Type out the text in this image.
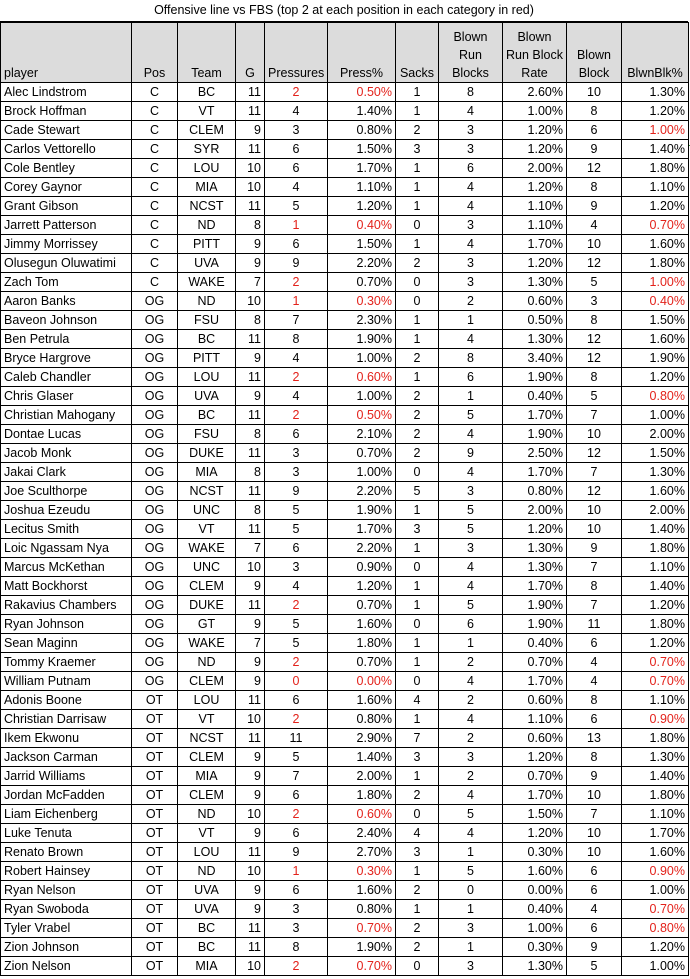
Offensive line vs FBS (top 2 at each position in each category in red)
player	Pos	Team	G	Pressures	Press%	Sacks	Blown Run Blocks	Blown Run Block Rate	Blown Block	BlwnBlk%
Alec Lindstrom	C	BC	11	2	0.50%	1	8	2.60%	10	1.30%
Brock Hoffman	C	VT	11	4	1.40%	1	4	1.00%	8	1.20%
Cade Stewart	C	CLEM	9	3	0.80%	2	3	1.20%	6	1.00%
Carlos Vettorello	C	SYR	11	6	1.50%	3	3	1.20%	9	1.40%
Cole Bentley	C	LOU	10	6	1.70%	1	6	2.00%	12	1.80%
Corey Gaynor	C	MIA	10	4	1.10%	1	4	1.20%	8	1.10%
Grant Gibson	C	NCST	11	5	1.20%	1	4	1.10%	9	1.20%
Jarrett Patterson	C	ND	8	1	0.40%	0	3	1.10%	4	0.70%
Jimmy Morrissey	C	PITT	9	6	1.50%	1	4	1.70%	10	1.60%
Olusegun Oluwatimi	C	UVA	9	9	2.20%	2	3	1.20%	12	1.80%
Zach Tom	C	WAKE	7	2	0.70%	0	3	1.30%	5	1.00%
Aaron Banks	OG	ND	10	1	0.30%	0	2	0.60%	3	0.40%
Baveon Johnson	OG	FSU	8	7	2.30%	1	1	0.50%	8	1.50%
Ben Petrula	OG	BC	11	8	1.90%	1	4	1.30%	12	1.60%
Bryce Hargrove	OG	PITT	9	4	1.00%	2	8	3.40%	12	1.90%
Caleb Chandler	OG	LOU	11	2	0.60%	1	6	1.90%	8	1.20%
Chris Glaser	OG	UVA	9	4	1.00%	2	1	0.40%	5	0.80%
Christian Mahogany	OG	BC	11	2	0.50%	2	5	1.70%	7	1.00%
Dontae Lucas	OG	FSU	8	6	2.10%	2	4	1.90%	10	2.00%
Jacob Monk	OG	DUKE	11	3	0.70%	2	9	2.50%	12	1.50%
Jakai Clark	OG	MIA	8	3	1.00%	0	4	1.70%	7	1.30%
Joe Sculthorpe	OG	NCST	11	9	2.20%	5	3	0.80%	12	1.60%
Joshua Ezeudu	OG	UNC	8	5	1.90%	1	5	2.00%	10	2.00%
Lecitus Smith	OG	VT	11	5	1.70%	3	5	1.20%	10	1.40%
Loic Ngassam Nya	OG	WAKE	7	6	2.20%	1	3	1.30%	9	1.80%
Marcus McKethan	OG	UNC	10	3	0.90%	0	4	1.30%	7	1.10%
Matt Bockhorst	OG	CLEM	9	4	1.20%	1	4	1.70%	8	1.40%
Rakavius Chambers	OG	DUKE	11	2	0.70%	1	5	1.90%	7	1.20%
Ryan Johnson	OG	GT	9	5	1.60%	0	6	1.90%	11	1.80%
Sean Maginn	OG	WAKE	7	5	1.80%	1	1	0.40%	6	1.20%
Tommy Kraemer	OG	ND	9	2	0.70%	1	2	0.70%	4	0.70%
William Putnam	OG	CLEM	9	0	0.00%	0	4	1.70%	4	0.70%
Adonis Boone	OT	LOU	11	6	1.60%	4	2	0.60%	8	1.10%
Christian Darrisaw	OT	VT	10	2	0.80%	1	4	1.10%	6	0.90%
Ikem Ekwonu	OT	NCST	11	11	2.90%	7	2	0.60%	13	1.80%
Jackson Carman	OT	CLEM	9	5	1.40%	3	3	1.20%	8	1.30%
Jarrid Williams	OT	MIA	9	7	2.00%	1	2	0.70%	9	1.40%
Jordan McFadden	OT	CLEM	9	6	1.80%	2	4	1.70%	10	1.80%
Liam Eichenberg	OT	ND	10	2	0.60%	0	5	1.50%	7	1.10%
Luke Tenuta	OT	VT	9	6	2.40%	4	4	1.20%	10	1.70%
Renato Brown	OT	LOU	11	9	2.70%	3	1	0.30%	10	1.60%
Robert Hainsey	OT	ND	10	1	0.30%	1	5	1.60%	6	0.90%
Ryan Nelson	OT	UVA	9	6	1.60%	2	0	0.00%	6	1.00%
Ryan Swoboda	OT	UVA	9	3	0.80%	1	1	0.40%	4	0.70%
Tyler Vrabel	OT	BC	11	3	0.70%	2	3	1.00%	6	0.80%
Zion Johnson	OT	BC	11	8	1.90%	2	1	0.30%	9	1.20%
Zion Nelson	OT	MIA	10	2	0.70%	0	3	1.30%	5	1.00%
